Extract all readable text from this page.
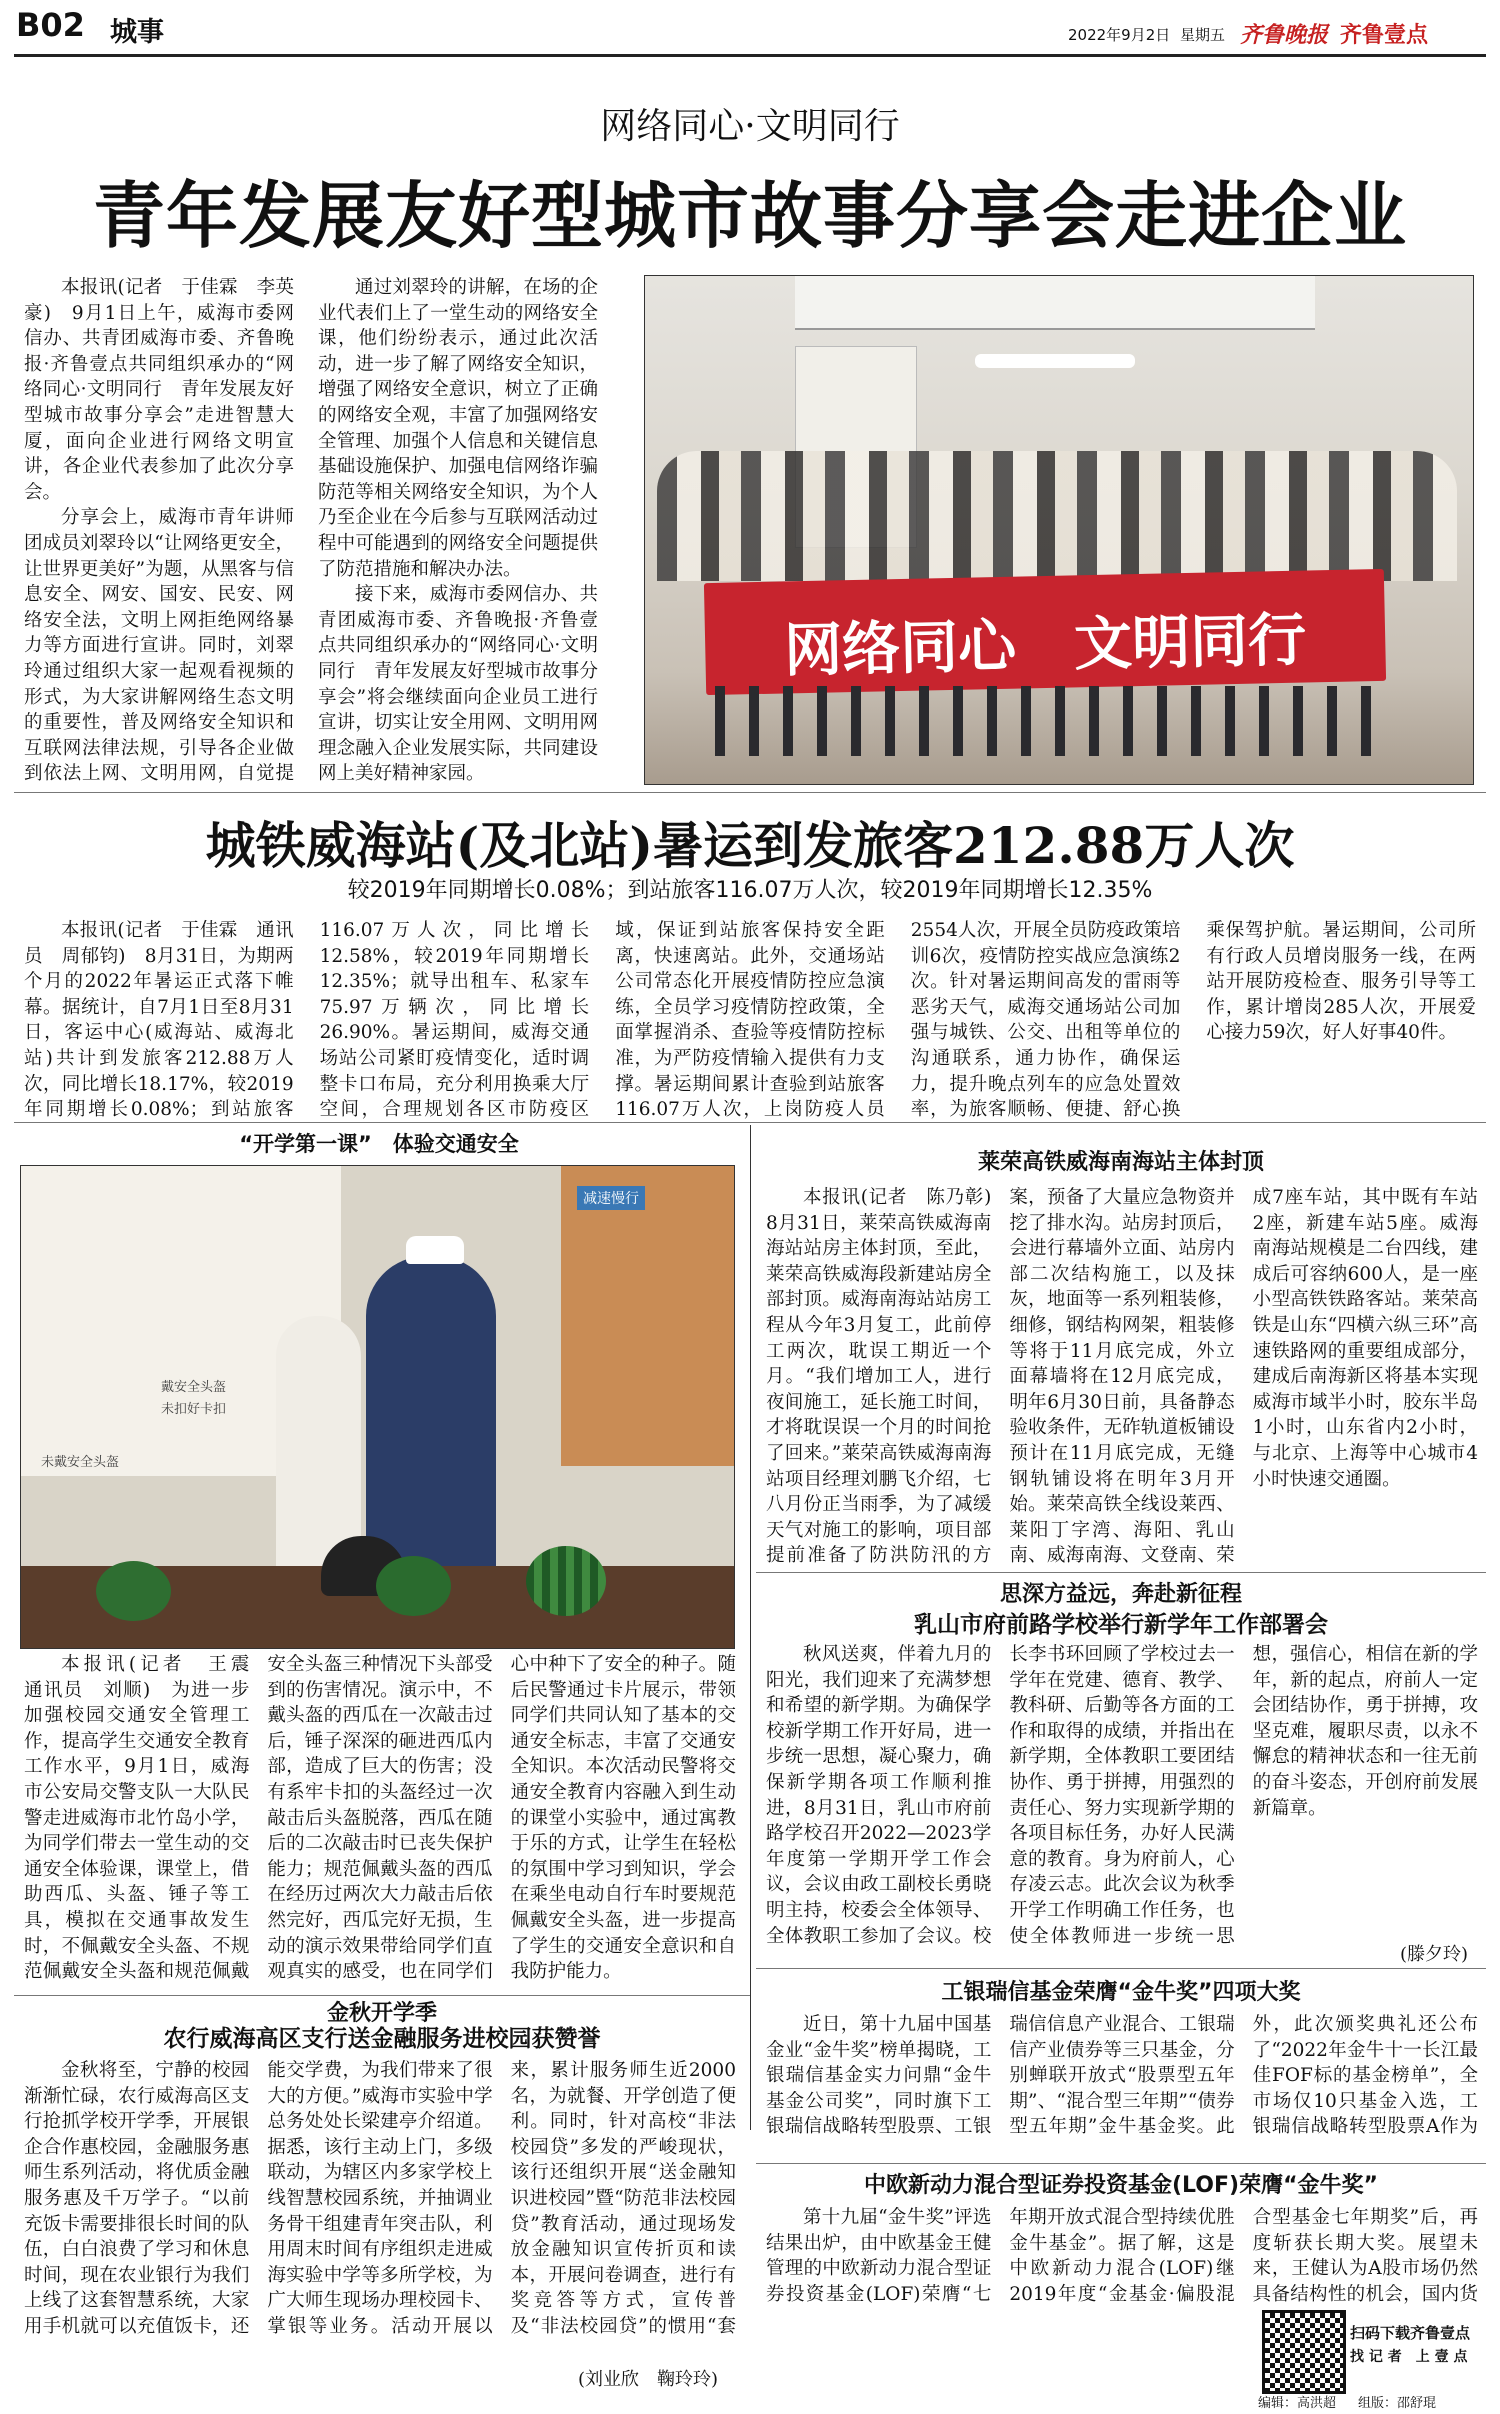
B02 城事	2022年9月2日 星期五 齐鲁晚报 齐鲁壹点
网络同心·文明同行
青年发展友好型城市故事分享会走进企业

本报讯(记者　于佳霖　李英豪)　9月1日上午，威海市委网信办、共青团威海市委、齐鲁晚报·齐鲁壹点共同组织承办的“网络同心·文明同行　青年发展友好型城市故事分享会”走进智慧大厦，面向企业进行网络文明宣讲，各企业代表参加了此次分享会。

分享会上，威海市青年讲师团成员刘翠玲以“让网络更安全，让世界更美好”为题，从黑客与信息安全、网安、国安、民安、网络安全法，文明上网拒绝网络暴力等方面进行宣讲。同时，刘翠玲通过组织大家一起观看视频的形式，为大家讲解网络生态文明的重要性，普及网络安全知识和互联网法律法规，引导各企业做到依法上网、文明用网，自觉提

通过刘翠玲的讲解，在场的企业代表们上了一堂生动的网络安全课，他们纷纷表示，通过此次活动，进一步了解了网络安全知识，增强了网络安全意识，树立了正确的网络安全观，丰富了加强网络安全管理、加强个人信息和关键信息基础设施保护、加强电信网络诈骗防范等相关网络安全知识，为个人乃至企业在今后参与互联网活动过程中可能遇到的网络安全问题提供了防范措施和解决办法。

接下来，威海市委网信办、共青团威海市委、齐鲁晚报·齐鲁壹点共同组织承办的“网络同心·文明同行　青年发展友好型城市故事分享会”将会继续面向企业员工进行宣讲，切实让安全用网、文明用网理念融入企业发展实际，共同建设网上美好精神家园。

网络同心　文明同行
城铁威海站(及北站)暑运到发旅客212.88万人次
较2019年同期增长0.08%；到站旅客116.07万人次，较2019年同期增长12.35%

本报讯(记者　于佳霖　通讯员　周郁钧)　8月31日，为期两个月的2022年暑运正式落下帷幕。据统计，自7月1日至8月31日，客运中心(威海站、威海北站)共计到发旅客212.88万人次，同比增长18.17%，较2019年同期增长0.08%；到站旅客116.07万人次，同比增长12.58%，较2019年同期增长12.35%；就导出租车、私家车75.97万辆次，同比增长26.90%。暑运期间，威海交通场站公司紧盯疫情变化，适时调整卡口布局，充分利用换乘大厅空间，合理规划各区市防疫区域，保证到站旅客保持安全距离，快速离站。此外，交通场站公司常态化开展疫情防控应急演练，全员学习疫情防控政策，全面掌握消杀、查验等疫情防控标准，为严防疫情输入提供有力支撑。暑运期间累计查验到站旅客116.07万人次，上岗防疫人员2554人次，开展全员防疫政策培训6次，疫情防控实战应急演练2次。针对暑运期间高发的雷雨等恶劣天气，威海交通场站公司加强与城铁、公交、出租等单位的沟通联系，通力协作，确保运力，提升晚点列车的应急处置效率，为旅客顺畅、便捷、舒心换乘保驾护航。暑运期间，公司所有行政人员增岗服务一线，在两站开展防疫检查、服务引导等工作，累计增岗285人次，开展爱心接力59次，好人好事40件。

“开学第一课”　体验交通安全
戴安全头盔
未扣好卡扣
未戴安全头盔
减速慢行

本报讯(记者　王震　通讯员　刘顺)　为进一步加强校园交通安全管理工作，提高学生交通安全教育工作水平，9月1日，威海市公安局交警支队一大队民警走进威海市北竹岛小学，为同学们带去一堂生动的交通安全体验课，课堂上，借助西瓜、头盔、锤子等工具，模拟在交通事故发生时，不佩戴安全头盔、不规范佩戴安全头盔和规范佩戴安全头盔三种情况下头部受到的伤害情况。演示中，不戴头盔的西瓜在一次敲击过后，锤子深深的砸进西瓜内部，造成了巨大的伤害；没有系牢卡扣的头盔经过一次敲击后头盔脱落，西瓜在随后的二次敲击时已丧失保护能力；规范佩戴头盔的西瓜在经历过两次大力敲击后依然完好，西瓜完好无损，生动的演示效果带给同学们直观真实的感受，也在同学们心中种下了安全的种子。随后民警通过卡片展示，带领同学们共同认知了基本的交通安全标志，丰富了交通安全知识。本次活动民警将交通安全教育内容融入到生动的课堂小实验中，通过寓教于乐的方式，让学生在轻松的氛围中学习到知识，学会在乘坐电动自行车时要规范佩戴安全头盔，进一步提高了学生的交通安全意识和自我防护能力。

莱荣高铁威海南海站主体封顶

本报讯(记者　陈乃彰)　8月31日，莱荣高铁威海南海站站房主体封顶，至此，莱荣高铁威海段新建站房全部封顶。威海南海站站房工程从今年3月复工，此前停工两次，耽误工期近一个月。“我们增加工人，进行夜间施工，延长施工时间，才将耽误误一个月的时间抢了回来。”莱荣高铁威海南海站项目经理刘鹏飞介绍，七八月份正当雨季，为了减缓天气对施工的影响，项目部提前准备了防洪防汛的方案，预备了大量应急物资并挖了排水沟。站房封顶后，会进行幕墙外立面、站房内部二次结构施工，以及抹灰，地面等一系列粗装修，细修，钢结构网架，粗装修等将于11月底完成，外立面幕墙将在12月底完成，明年6月30日前，具备静态验收条件，无砟轨道板铺设预计在11月底完成，无缝钢轨铺设将在明年3月开始。莱荣高铁全线设莱西、莱阳丁字湾、海阳、乳山南、威海南海、文登南、荣成7座车站，其中既有车站2座，新建车站5座。威海南海站规模是二台四线，建成后可容纳600人，是一座小型高铁铁路客站。莱荣高铁是山东“四横六纵三环”高速铁路网的重要组成部分，建成后南海新区将基本实现威海市域半小时，胶东半岛1小时，山东省内2小时，与北京、上海等中心城市4小时快速交通圈。

思深方益远，奔赴新征程
乳山市府前路学校举行新学年工作部署会

秋风送爽，伴着九月的阳光，我们迎来了充满梦想和希望的新学期。为确保学校新学期工作开好局，进一步统一思想，凝心聚力，确保新学期各项工作顺利推进，8月31日，乳山市府前路学校召开2022—2023学年度第一学期开学工作会议，会议由政工副校长勇晓明主持，校委会全体领导、全体教职工参加了会议。校长李书环回顾了学校过去一学年在党建、德育、教学、教科研、后勤等各方面的工作和取得的成绩，并指出在新学期，全体教职工要团结协作、勇于拼搏，用强烈的责任心、努力实现新学期的各项目标任务，办好人民满意的教育。身为府前人，心存凌云志。此次会议为秋季开学工作明确工作任务，也使全体教师进一步统一思想，强信心，相信在新的学年，新的起点，府前人一定会团结协作，勇于拼搏，攻坚克难，履职尽责，以永不懈怠的精神状态和一往无前的奋斗姿态，开创府前发展新篇章。

(滕夕玲)
工银瑞信基金荣膺“金牛奖”四项大奖

近日，第十九届中国基金业“金牛奖”榜单揭晓，工银瑞信基金实力问鼎“金牛基金公司奖”，同时旗下工银瑞信战略转型股票、工银瑞信信息产业混合、工银瑞信产业债券等三只基金，分别蝉联开放式“股票型五年期”、“混合型三年期”“债券型五年期”金牛基金奖。此外，此次颁奖典礼还公布了“2022年金牛十一长江最佳FOF标的基金榜单”，全市场仅10只基金入选，工银瑞信战略转型股票A作为

金秋开学季
农行威海高区支行送金融服务进校园获赞誉

金秋将至，宁静的校园渐渐忙碌，农行威海高区支行抢抓学校开学季，开展银企合作惠校园，金融服务惠师生系列活动，将优质金融服务惠及千万学子。“以前充饭卡需要排很长时间的队伍，白白浪费了学习和休息时间，现在农业银行为我们上线了这套智慧系统，大家用手机就可以充值饭卡，还能交学费，为我们带来了很大的方便。”威海市实验中学总务处处长梁建亭介绍道。据悉，该行主动上门，多级联动，为辖区内多家学校上线智慧校园系统，并抽调业务骨干组建青年突击队，利用周末时间有序组织走进威海实验中学等多所学校，为广大师生现场办理校园卡、掌银等业务。活动开展以来，累计服务师生近2000名，为就餐、开学创造了便利。同时，针对高校“非法校园贷”多发的严峻现状，该行还组织开展“送金融知识进校园”暨“防范非法校园贷”教育活动，通过现场发放金融知识宣传折页和读本，开展问卷调查，进行有奖竞答等方式，宣传普及“非法校园贷”的惯用“套

(刘业欣　鞠玲玲)
中欧新动力混合型证券投资基金(LOF)荣膺“金牛奖”

第十九届“金牛奖”评选结果出炉，由中欧基金王健管理的中欧新动力混合型证券投资基金(LOF)荣膺“七年期开放式混合型持续优胜金牛基金”。据了解，这是中欧新动力混合(LOF)继2019年度“金基金·偏股混合型基金七年期奖”后，再度斩获长期大奖。展望未来，王健认为A股市场仍然具备结构性的机会，国内货

扫码下载齐鲁壹点
找 记 者　上 壹 点
编辑：高洪超 组版：邵舒琨
